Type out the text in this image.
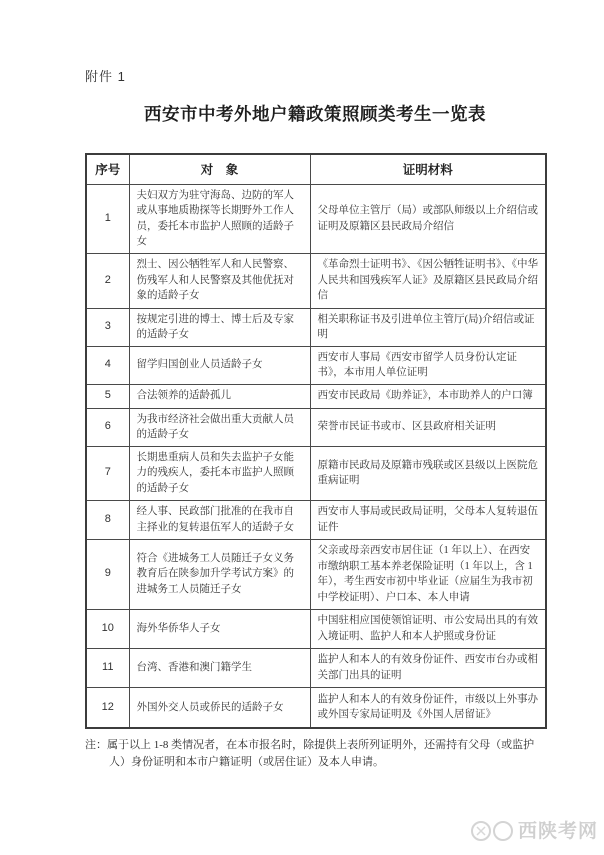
附件 1
西安市中考外地户籍政策照顾类考生一览表
序号	对　象	证明材料
1	夫妇双方为驻守海岛、边防的军人或从事地质勘探等长期野外工作人员，委托本市监护人照顾的适龄子女	父母单位主管厅（局）或部队师级以上介绍信或证明及原籍区县民政局介绍信
2	烈士、因公牺牲军人和人民警察、伤残军人和人民警察及其他优抚对象的适龄子女	《革命烈士证明书》、《因公牺牲证明书》、《中华人民共和国残疾军人证》及原籍区县民政局介绍信
3	按规定引进的博士、博士后及专家的适龄子女	相关职称证书及引进单位主管厅(局)介绍信或证明
4	留学归国创业人员适龄子女	西安市人事局《西安市留学人员身份认定证书》，本市用人单位证明
5	合法领养的适龄孤儿	西安市民政局《助养证》，本市助养人的户口簿
6	为我市经济社会做出重大贡献人员的适龄子女	荣誉市民证书或市、区县政府相关证明
7	长期患重病人员和失去监护子女能力的残疾人，委托本市监护人照顾的适龄子女	原籍市民政局及原籍市残联或区县级以上医院危重病证明
8	经人事、民政部门批准的在我市自主择业的复转退伍军人的适龄子女	西安市人事局或民政局证明，父母本人复转退伍证件
9	符合《进城务工人员随迁子女义务教育后在陕参加升学考试方案》的进城务工人员随迁子女	父亲或母亲西安市居住证（1 年以上）、在西安市缴纳职工基本养老保险证明（1 年以上，含 1 年），考生西安市初中毕业证（应届生为我市初中学校证明）、户口本、本人申请
10	海外华侨华人子女	中国驻相应国使领馆证明、市公安局出具的有效入境证明、监护人和本人护照或身份证
11	台湾、香港和澳门籍学生	监护人和本人的有效身份证件、西安市台办或相关部门出具的证明
12	外国外交人员或侨民的适龄子女	监护人和本人的有效身份证件，市级以上外事办或外国专家局证明及《外国人居留证》
注：属于以上 1-8 类情况者，在本市报名时，除提供上表所列证明外，还需持有父母（或监护
人）身份证明和本市户籍证明（或居住证）及本人申请。
西陕考网
